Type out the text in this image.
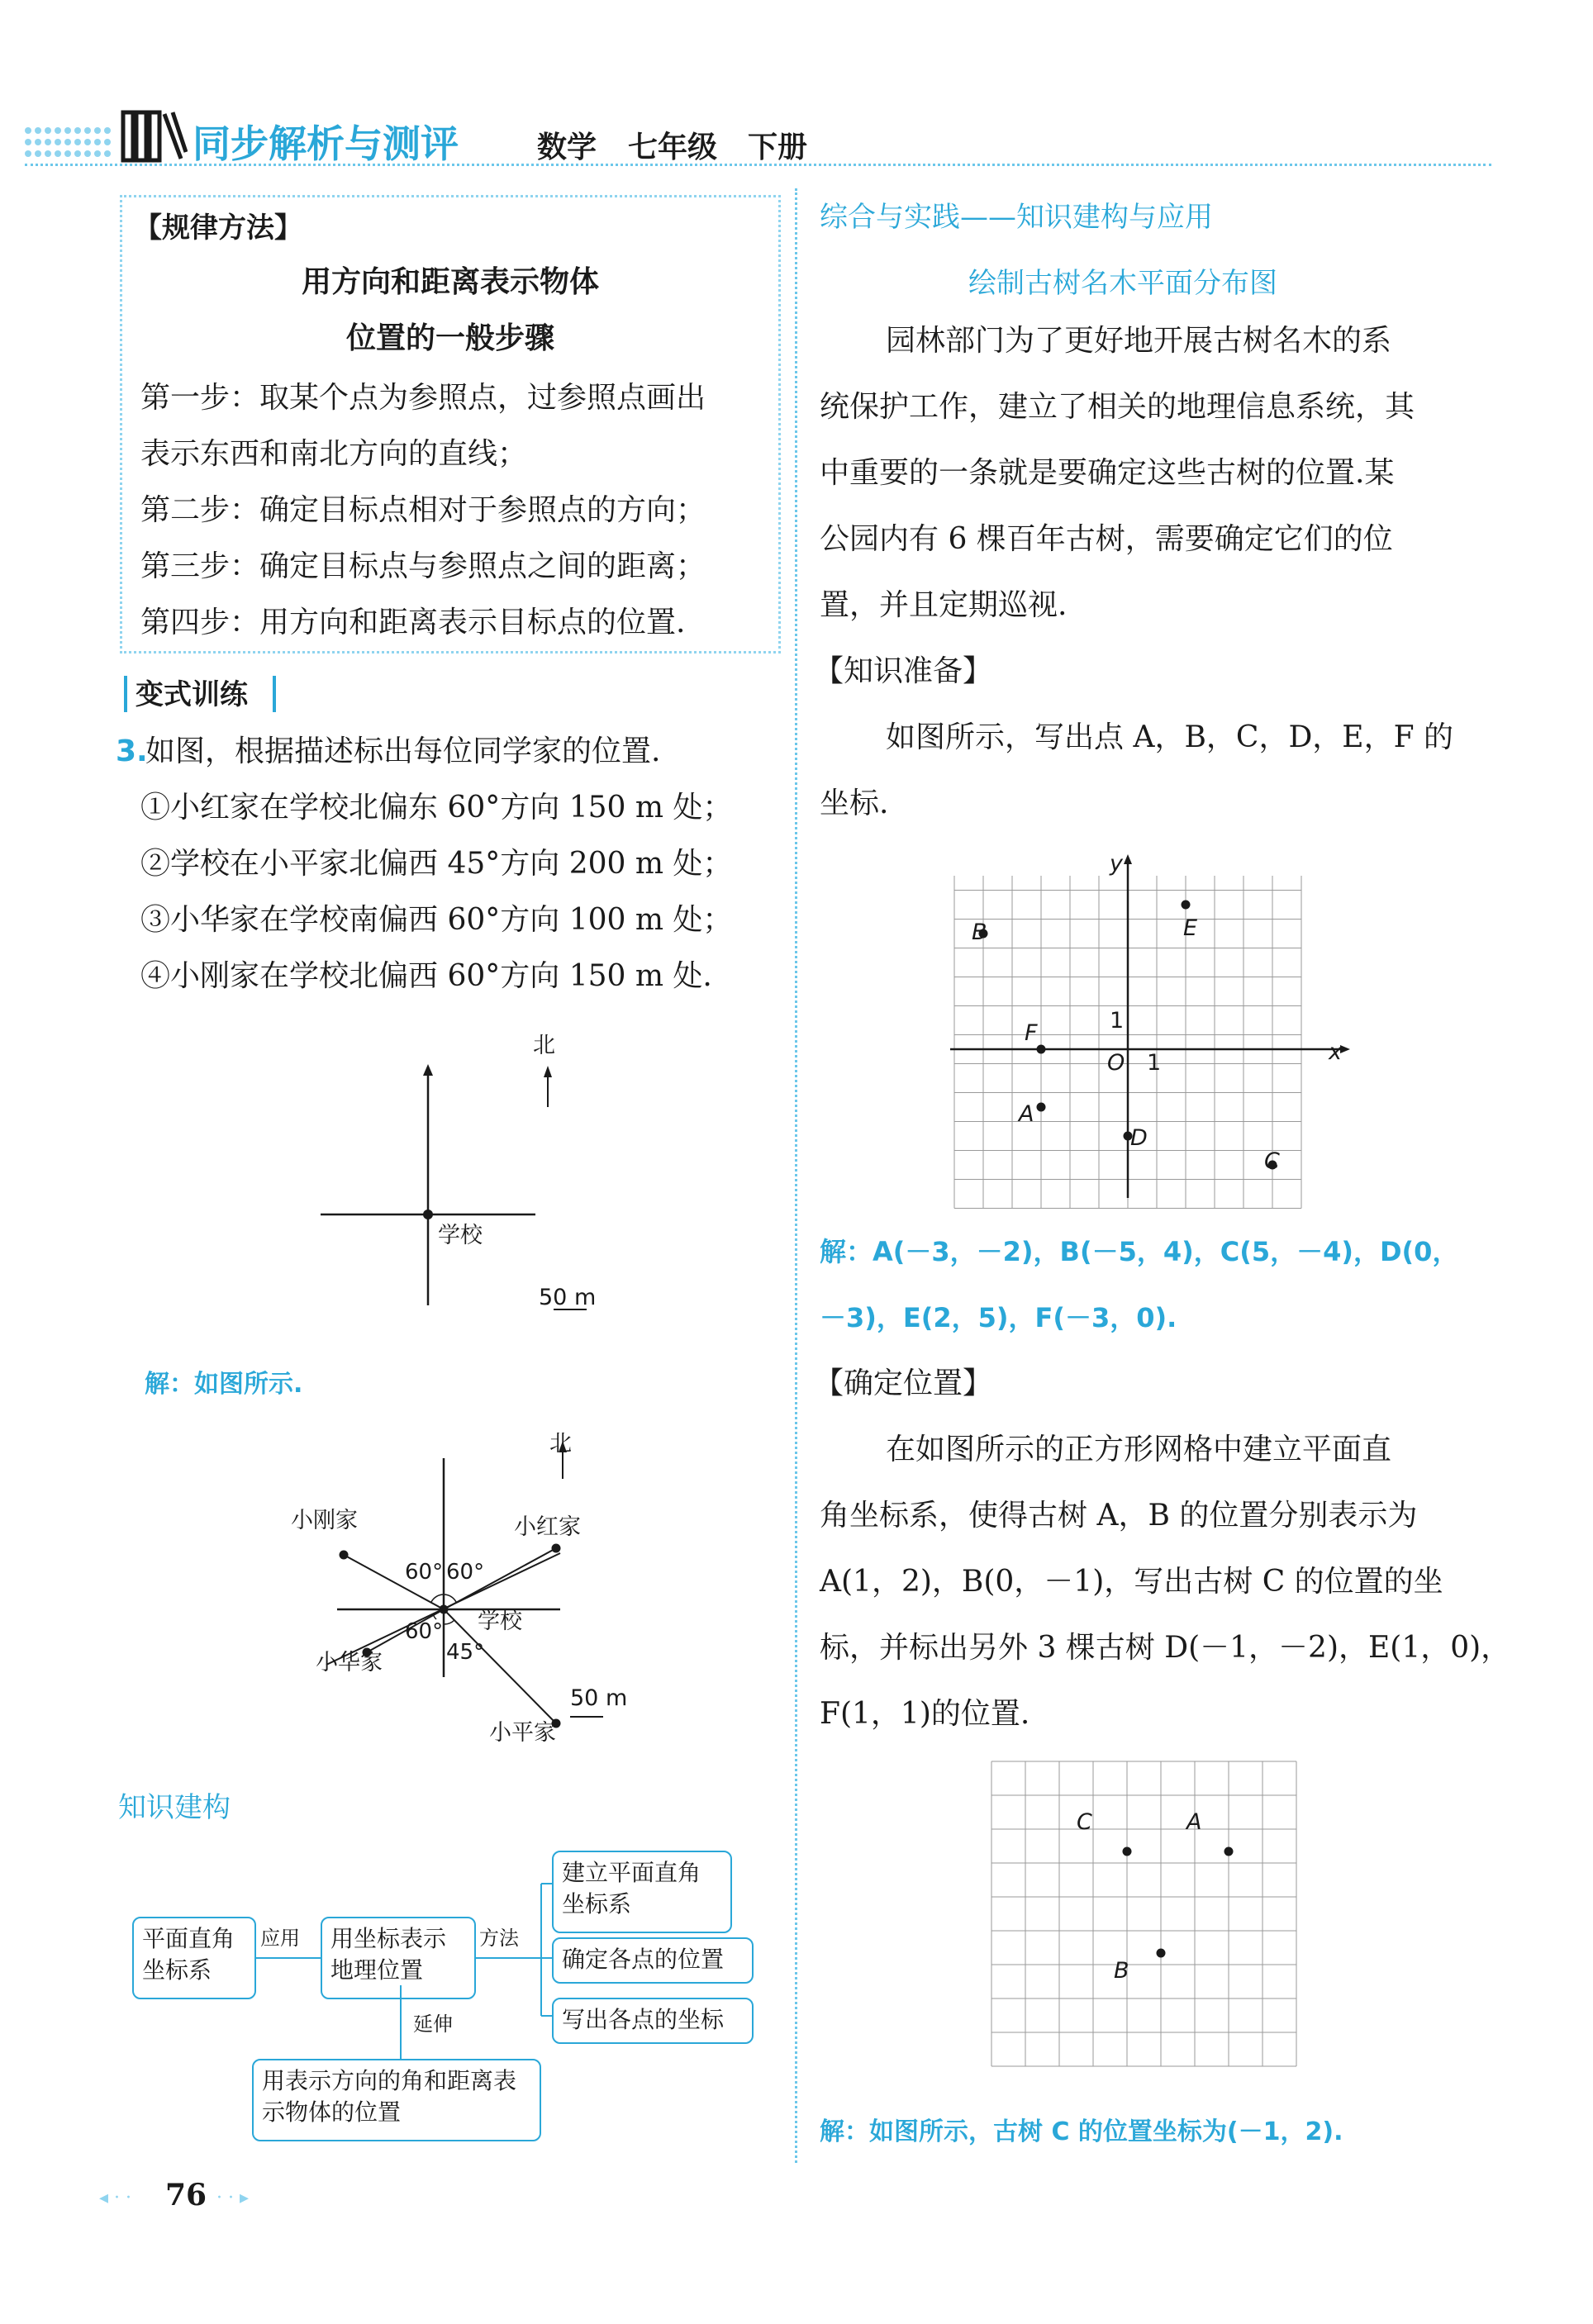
同步解析与测评	数学 七年级 下册
【规律方法】
用方向和距离表示物体
位置的一般步骤
第一步：取某个点为参照点，过参照点画出
表示东西和南北方向的直线；
第二步：确定目标点相对于参照点的方向；
第三步：确定目标点与参照点之间的距离；
第四步：用方向和距离表示目标点的位置.
变式训练
3.
如图，根据描述标出每位同学家的位置.
①小红家在学校北偏东 60°方向 150 m 处；
②学校在小平家北偏西 45°方向 200 m 处；
③小华家在学校南偏西 60°方向 100 m 处；
④小刚家在学校北偏西 60°方向 150 m 处.
北
学校
50 m
解：如图所示.
北
小刚家	小红家
小华家
小平家
学校
50 m
60° 60°
60°
45°
知识建构
平面直角坐标系
应用	用坐标表示地理位置
方法
建立平面直角坐标系
确定各点的位置
写出各点的坐标
延伸
用表示方向的角和距离表示物体的位置
◂ · · 76 · · ▸
综合与实践——知识建构与应用
绘制古树名木平面分布图
园林部门为了更好地开展古树名木的系
统保护工作，建立了相关的地理信息系统，其
中重要的一条就是要确定这些古树的位置.某
公园内有 6 棵百年古树，需要确定它们的位
置，并且定期巡视.
【知识准备】
如图所示，写出点 A，B，C，D，E，F 的
坐标.
x
y
O 1
1
A
B
C
D
E
F
解：A(－3，－2)，B(－5，4)，C(5，－4)，D(0，
－3)，E(2，5)，F(－3，0).
【确定位置】
在如图所示的正方形网格中建立平面直
角坐标系，使得古树 A，B 的位置分别表示为
A(1，2)，B(0，－1)，写出古树 C 的位置的坐
标，并标出另外 3 棵古树 D(－1，－2)，E(1，0)，
F(1，1)的位置.
C	A
B
解：如图所示，古树 C 的位置坐标为(－1，2).
